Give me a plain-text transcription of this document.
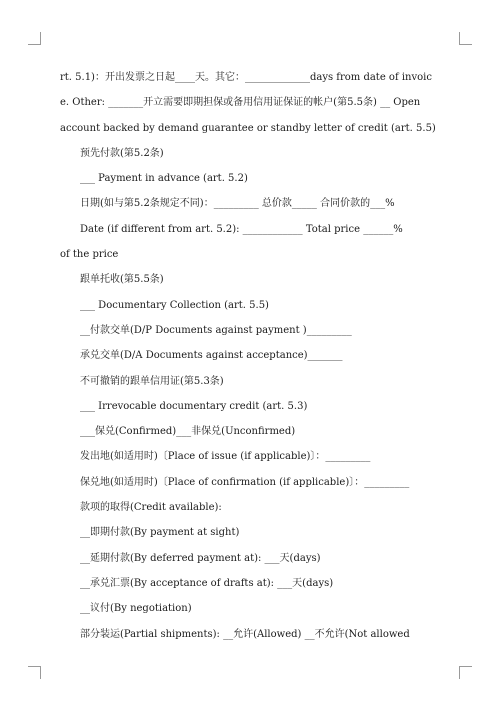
rt. 5.1)：开出发票之日起____天。其它：_____________days from date of invoic
e. Other: _______开立需要即期担保或备用信用证保证的帐户(第5.5条) __ Open
account backed by demand guarantee or standby letter of credit (art. 5.5)
预先付款(第5.2条)
___ Payment in advance (art. 5.2)
日期(如与第5.2条规定不同)：_________ 总价款_____ 合同价款的___%
Date (if different from art. 5.2): ____________ Total price ______%
of the price
跟单托收(第5.5条)
___ Documentary Collection (art. 5.5)
__付款交单(D/P Documents against payment )_________
承兑交单(D/A Documents against acceptance)_______
不可撤销的跟单信用证(第5.3条)
___ Irrevocable documentary credit (art. 5.3)
___保兑(Confirmed)___非保兑(Unconfirmed)
发出地(如适用时)〔Place of issue (if applicable)〕：_________
保兑地(如适用时)〔Place of confirmation (if applicable)〕：_________
款项的取得(Credit available):
__即期付款(By payment at sight)
__延期付款(By deferred payment at): ___天(days)
__承兑汇票(By acceptance of drafts at): ___天(days)
__议付(By negotiation)
部分装运(Partial shipments): __允许(Allowed) __不允许(Not allowed
